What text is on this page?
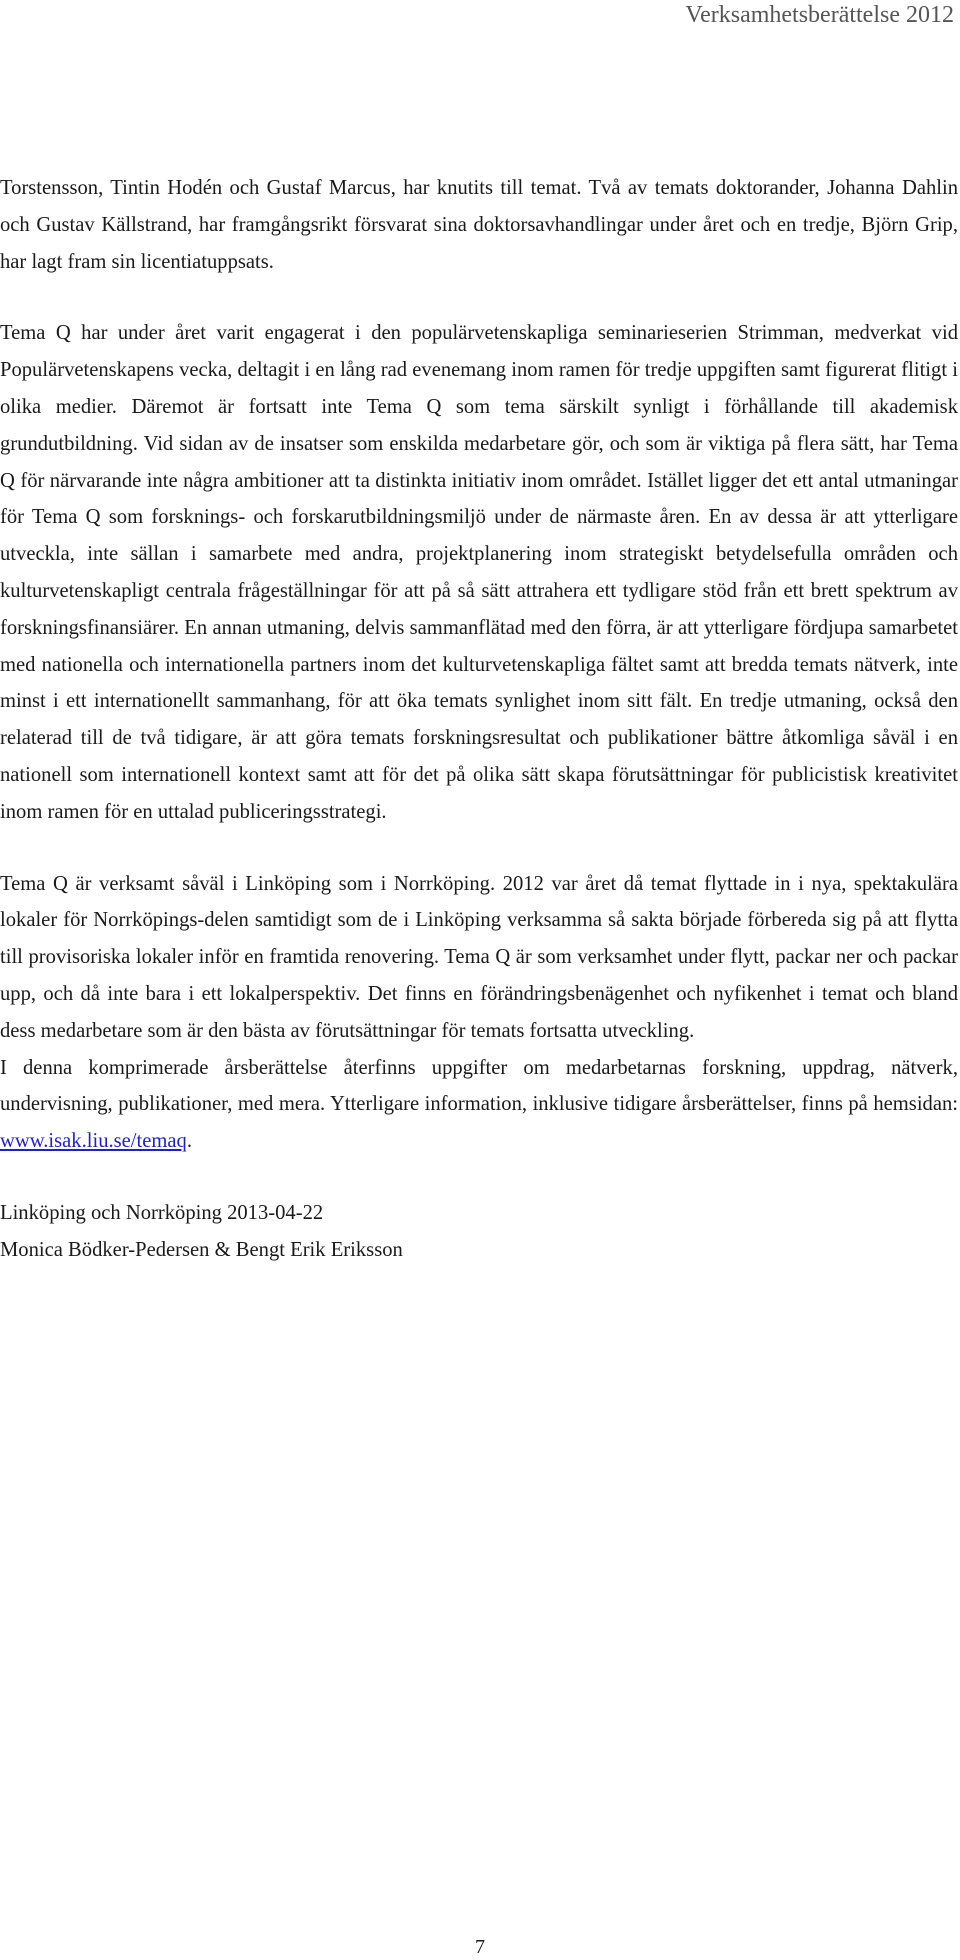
Verksamhetsberättelse 2012

Torstensson, Tintin Hodén och Gustaf Marcus, har knutits till temat. Två av temats doktorander, Johanna Dahlin och Gustav Källstrand, har framgångsrikt försvarat sina doktorsavhandlingar under året och en tredje, Björn Grip, har lagt fram sin licentiatuppsats.

Tema Q har under året varit engagerat i den populärvetenskapliga seminarieserien Strimman, medverkat vid Populärvetenskapens vecka, deltagit i en lång rad evenemang inom ramen för tredje uppgiften samt figurerat flitigt i olika medier. Däremot är fortsatt inte Tema Q som tema särskilt synligt i förhållande till akademisk grundutbildning. Vid sidan av de insatser som enskilda medarbetare gör, och som är viktiga på flera sätt, har Tema Q för närvarande inte några ambitioner att ta distinkta initiativ inom området. Istället ligger det ett antal utmaningar för Tema Q som forsknings- och forskarutbildningsmiljö under de närmaste åren. En av dessa är att ytterligare utveckla, inte sällan i samarbete med andra, projektplanering inom strategiskt betydelsefulla områden och kulturvetenskapligt centrala frågeställningar för att på så sätt attrahera ett tydligare stöd från ett brett spektrum av forskningsfinansiärer. En annan utmaning, delvis sammanflätad med den förra, är att ytterligare fördjupa samarbetet med nationella och internationella partners inom det kulturvetenskapliga fältet samt att bredda temats nätverk, inte minst i ett internationellt sammanhang, för att öka temats synlighet inom sitt fält. En tredje utmaning, också den relaterad till de två tidigare, är att göra temats forskningsresultat och publikationer bättre åtkomliga såväl i en nationell som internationell kontext samt att för det på olika sätt skapa förutsättningar för publicistisk kreativitet inom ramen för en uttalad publiceringsstrategi.

Tema Q är verksamt såväl i Linköping som i Norrköping. 2012 var året då temat flyttade in i nya, spektakulära lokaler för Norrköpings-delen samtidigt som de i Linköping verksamma så sakta började förbereda sig på att flytta till provisoriska lokaler inför en framtida renovering. Tema Q är som verksamhet under flytt, packar ner och packar upp, och då inte bara i ett lokalperspektiv. Det finns en förändringsbenägenhet och nyfikenhet i temat och bland dess medarbetare som är den bästa av förutsättningar för temats fortsatta utveckling.

I denna komprimerade årsberättelse återfinns uppgifter om medarbetarnas forskning, uppdrag, nätverk, undervisning, publikationer, med mera. Ytterligare information, inklusive tidigare årsberättelser, finns på hemsidan: www.isak.liu.se/temaq.

Linköping och Norrköping 2013-04-22

Monica Bödker-Pedersen & Bengt Erik Eriksson

7
